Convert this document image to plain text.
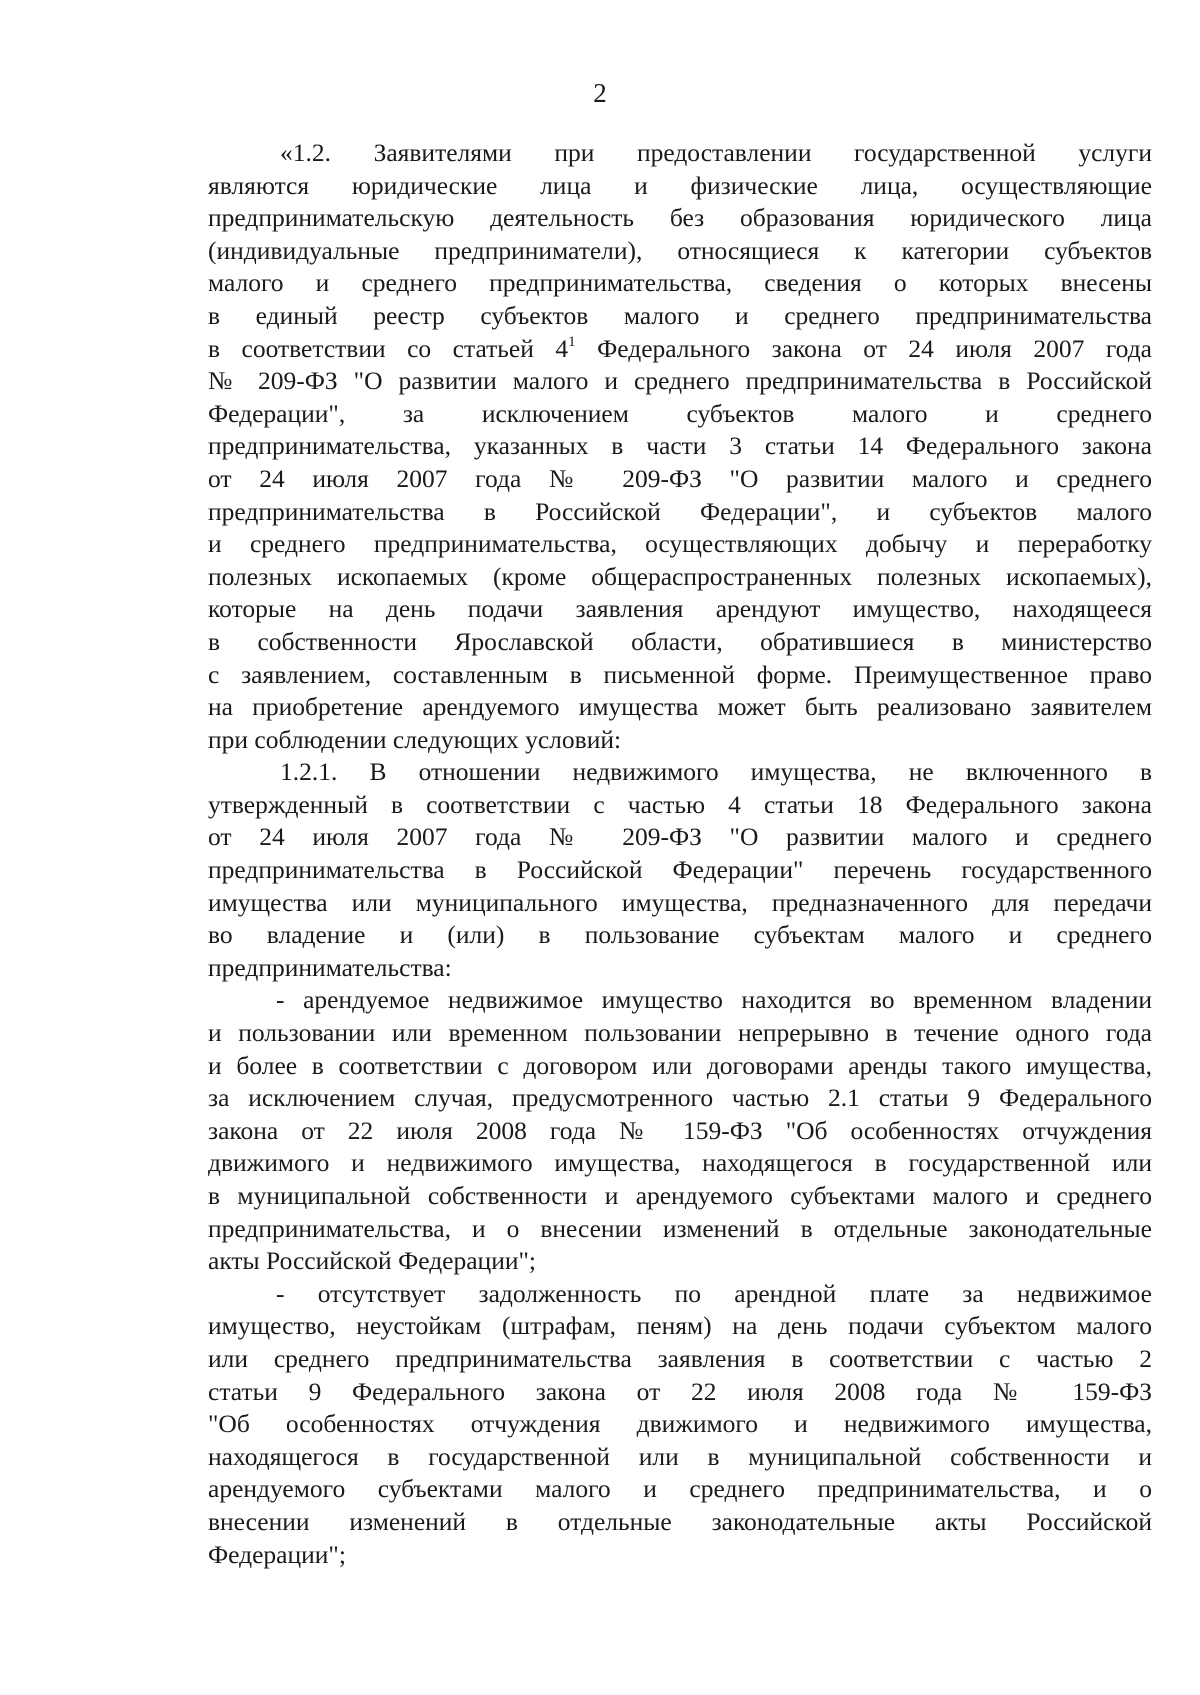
2
«1.2. Заявителями при предоставлении государственной услуги
являются юридические лица и физические лица, осуществляющие
предпринимательскую деятельность без образования юридического лица
(индивидуальные предприниматели), относящиеся к категории субъектов
малого и среднего предпринимательства, сведения о которых внесены
в единый реестр субъектов малого и среднего предпринимательства
в соответствии со статьей $4^1$ Федерального закона от 24 июля 2007 года
№ 209-ФЗ "О развитии малого и среднего предпринимательства в Российской
Федерации", за исключением субъектов малого и среднего
предпринимательства, указанных в части 3 статьи 14 Федерального закона
от 24 июля 2007 года № 209-ФЗ "О развитии малого и среднего
предпринимательства в Российской Федерации", и субъектов малого
и среднего предпринимательства, осуществляющих добычу и переработку
полезных ископаемых (кроме общераспространенных полезных ископаемых),
которые на день подачи заявления арендуют имущество, находящееся
в собственности Ярославской области, обратившиеся в министерство
с заявлением, составленным в письменной форме. Преимущественное право
на приобретение арендуемого имущества может быть реализовано заявителем
при соблюдении следующих условий:
1.2.1. В отношении недвижимого имущества, не включенного в
утвержденный в соответствии с частью 4 статьи 18 Федерального закона
от 24 июля 2007 года № 209-ФЗ "О развитии малого и среднего
предпринимательства в Российской Федерации" перечень государственного
имущества или муниципального имущества, предназначенного для передачи
во владение и (или) в пользование субъектам малого и среднего
предпринимательства:
- арендуемое недвижимое имущество находится во временном владении
и пользовании или временном пользовании непрерывно в течение одного года
и более в соответствии с договором или договорами аренды такого имущества,
за исключением случая, предусмотренного частью 2.1 статьи 9 Федерального
закона от 22 июля 2008 года № 159-ФЗ "Об особенностях отчуждения
движимого и недвижимого имущества, находящегося в государственной или
в муниципальной собственности и арендуемого субъектами малого и среднего
предпринимательства, и о внесении изменений в отдельные законодательные
акты Российской Федерации";
- отсутствует задолженность по арендной плате за недвижимое
имущество, неустойкам (штрафам, пеням) на день подачи субъектом малого
или среднего предпринимательства заявления в соответствии с частью 2
статьи 9 Федерального закона от 22 июля 2008 года № 159-ФЗ
"Об особенностях отчуждения движимого и недвижимого имущества,
находящегося в государственной или в муниципальной собственности и
арендуемого субъектами малого и среднего предпринимательства, и о
внесении изменений в отдельные законодательные акты Российской
Федерации";
